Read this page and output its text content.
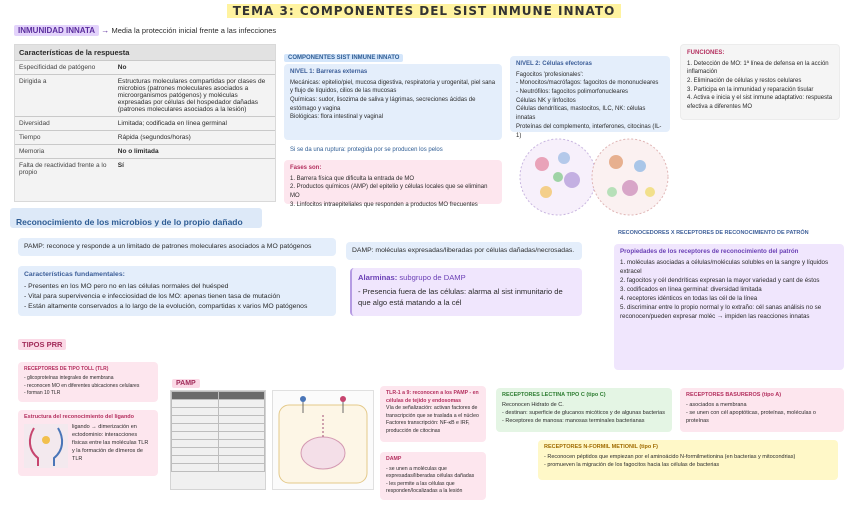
TEMA 3: COMPONENTES DEL SIST INMUNE INNATO
INMUNIDAD INNATA → Media la protección inicial frente a las infecciones
Características de la respuesta
Especificidad de patógeno	No
Dirigida a	Estructuras moleculares compartidas por clases de microbios (patrones moleculares asociados a microorganismos patógenos) y moléculas expresadas por células del hospedador dañadas (patrones moleculares asociados a la lesión)
Diversidad	Limitada; codificada en línea germinal
Tiempo	Rápida (segundos/horas)
Memoria	No o limitada
Falta de reactividad frente a lo propio	Sí
COMPONENTES SIST INMUNE INNATO
NIVEL 1: Barreras externas
Mecánicas: epitelio/piel, mucosa digestiva, respiratoria y urogenital, piel sana y flujo de líquidos, cilios de las mucosas
Químicas: sudor, lisozima de saliva y lágrimas, secreciones ácidas de estómago y vagina
Biológicas: flora intestinal y vaginal
Si se da una ruptura: protegida por se producen los pelos
Fases son:
1. Barrera física que dificulta la entrada de MO
2. Productos químicos (AMP) del epitelio y células locales que se eliminan MO
3. Linfocitos intraepiteliales que responden a productos MO frecuentes
NIVEL 2: Células efectoras
Fagocitos 'profesionales':
- Monocitos/macrófagos: fagocitos de mononucleares
- Neutrófilos: fagocitos polimorfonucleares
Células NK y linfocitos
Células dendríticas, mastocitos, ILC, NK: células innatas
Proteínas del complemento, interferones, citocinas (IL-1)
FUNCIONES:
1. Detección de MO: 1ª línea de defensa en la acción inflamación
2. Eliminación de células y restos celulares
3. Participa en la inmunidad y reparación tisular
4. Activa e inicia y el sist inmune adaptativo: respuesta efectiva a diferentes MO
Reconocimiento de los microbios y de lo propio dañado
PAMP: reconoce y responde a un limitado de patrones moleculares asociados a MO patógenos
Características fundamentales:
- Presentes en los MO pero no en las células normales del huésped
- Vital para supervivencia e infecciosidad de los MO: apenas tienen tasa de mutación
- Están altamente conservados a lo largo de la evolución, compartidas x varios MO patógenos
DAMP: moléculas expresadas/liberadas por células dañadas/necrosadas.
Alarminas: subgrupo de DAMP
- Presencia fuera de las células: alarma al sist inmunitario de que algo está matando a la cél
RECONOCEDORES X RECEPTORES DE RECONOCIMIENTO DE PATRÓN
Propiedades de los receptores de reconocimiento del patrón
1. moléculas asociadas a células/moléculas solubles en la sangre y líquidos extracel
2. fagocitos y cél dendríticas expresan la mayor variedad y cant de éstos
3. codificados en línea germinal: diversidad limitada
4. receptores idénticos en todas las cél de la línea
5. discriminar entre lo propio normal y lo extraño: cél sanas análisis no se reconocen/pueden expresar moléc → impiden las reacciones innatas
TIPOS PRR
RECEPTORES DE TIPO TOLL (TLR)
- glicoproteínas integrales de membrana
- reconocen MO en diferentes ubicaciones celulares
- forman 10 TLR
Estructura del reconocimiento del ligando
ligando → dimerización en ectodominio: interacciones físicas entre las moléculas TLR y la formación de dímeros de TLR
PAMP

TLR-1 a 9: reconocen a los PAMP - en células de tejido y endosomas
Vía de señalización: activan factores de transcripción que se traslada a el núcleo
Factores transcripción: NF-κB e IRF, producción de citocinas
DAMP
- se unen a moléculas que expresadas/liberadas células dañadas
- les permite a las células que responden/localizadas a la lesión
RECEPTORES LECTINA TIPO C (tipo C)
Reconocen Hidrato de C.
- destinan: superficie de glucanos micóticos y de algunas bacterias
- Receptores de manosa: manosas terminales bacterianas
RECEPTORES BASUREROS (tipo A)
- asociados a membrana
- se unen con cél apoptóticas, proteínas, moléculas o proteínas
RECEPTORES N-FORMIL METIONIL (tipo F)
- Reconocen péptidos que empiezan por el aminoácido N-formilmetionina (en bacterias y mitocondrias)
- promueven la migración de los fagocitos hacia las células de bacterias
